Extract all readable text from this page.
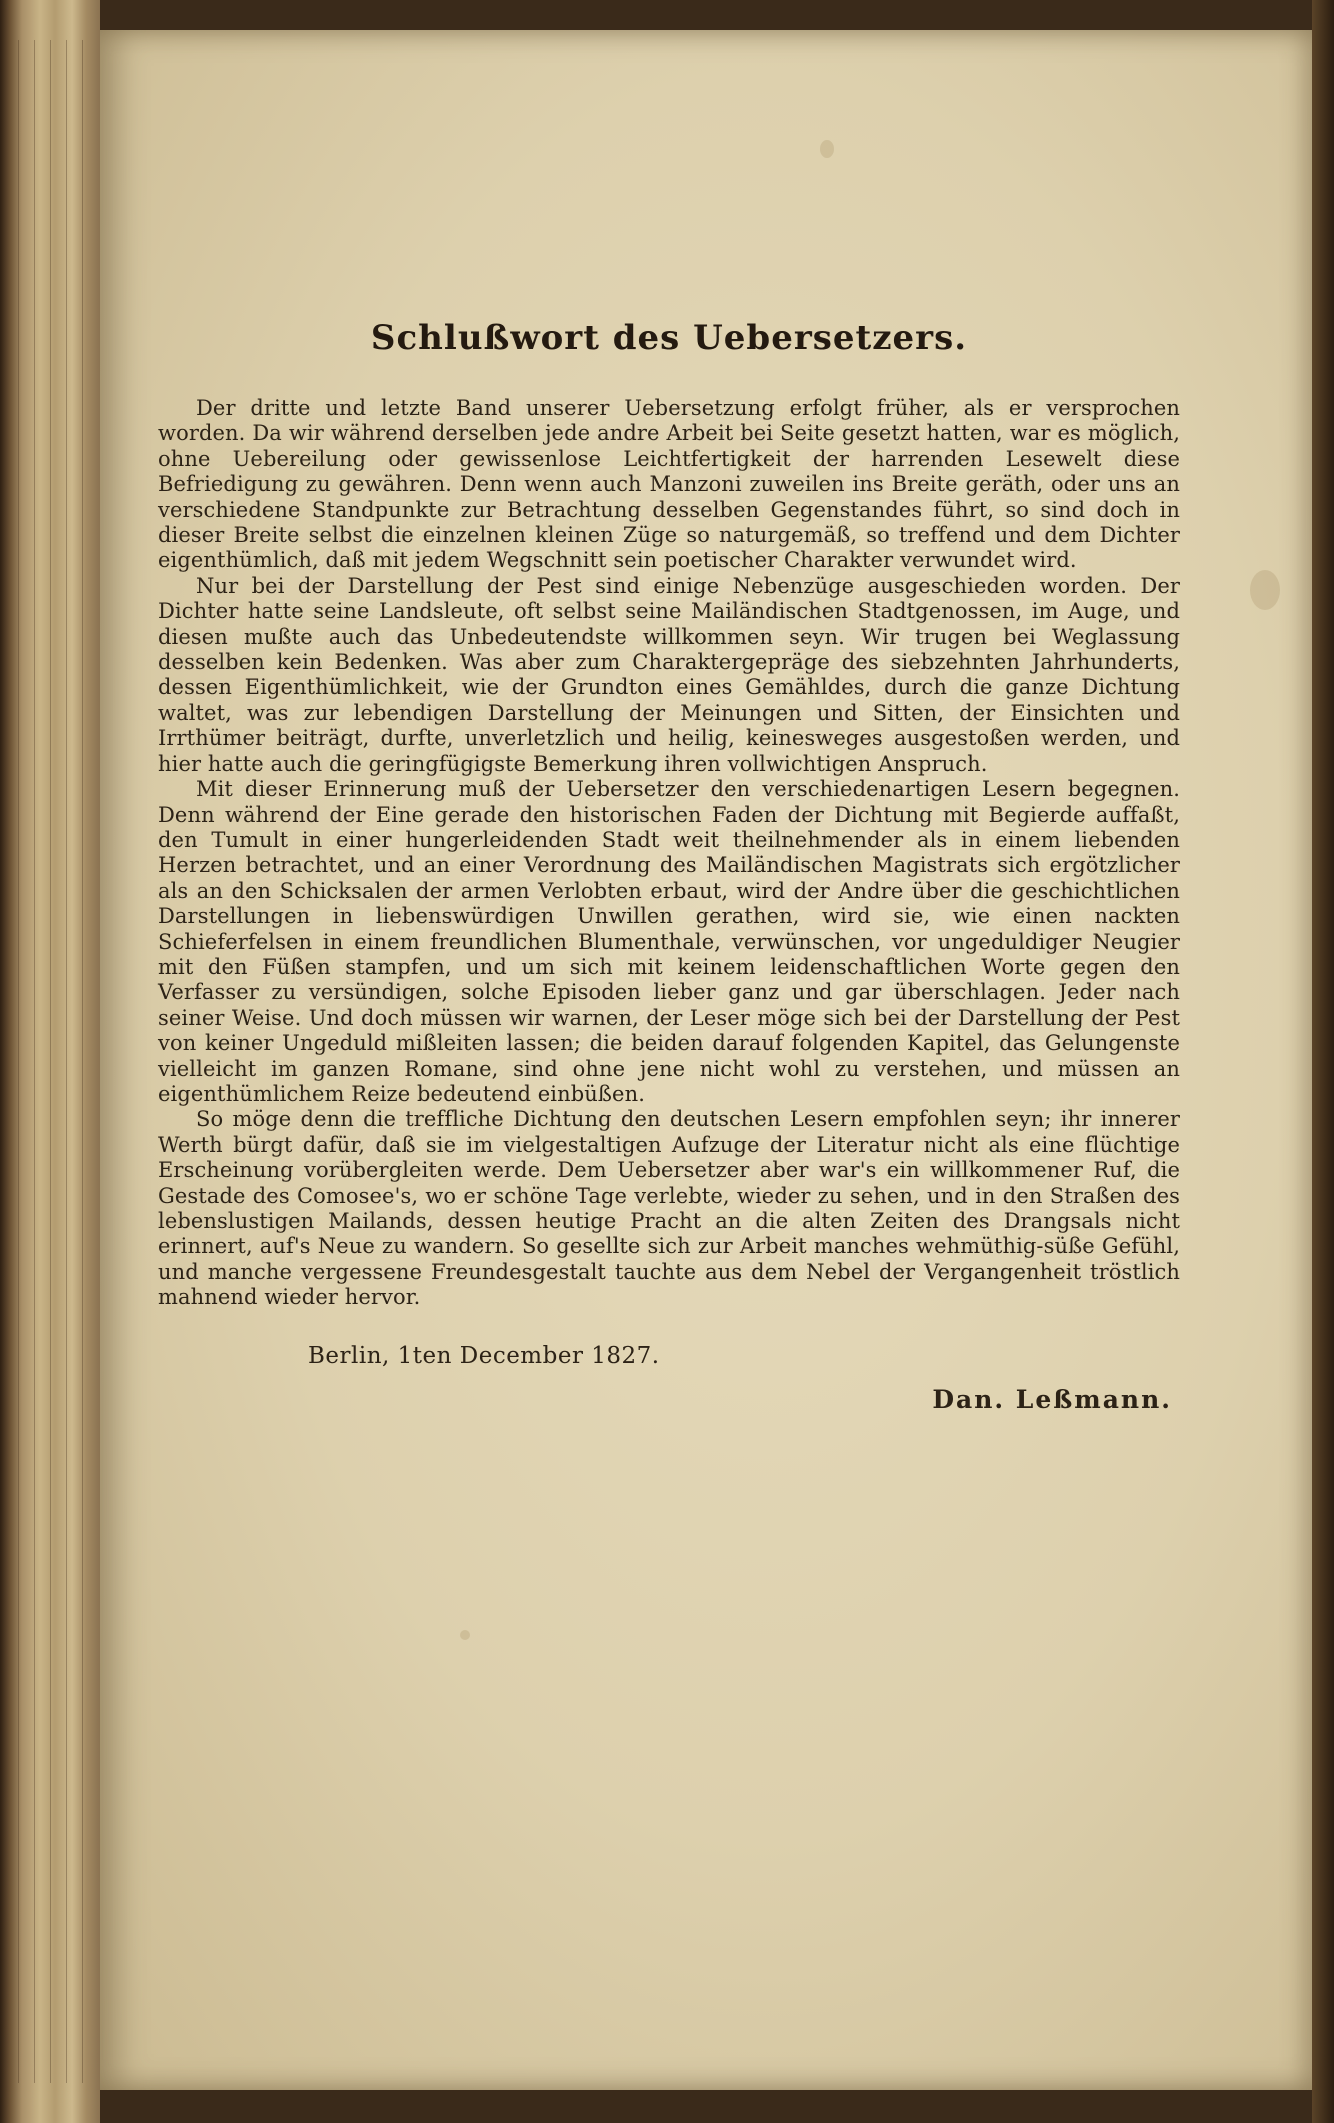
Schlußwort des Uebersetzers.

Der dritte und letzte Band unserer Uebersetzung erfolgt früher, als er versprochen worden. Da wir während derselben jede andre Arbeit bei Seite gesetzt hatten, war es möglich, ohne Uebereilung oder gewissenlose Leichtfertigkeit der harrenden Lesewelt diese Befriedigung zu gewähren. Denn wenn auch Manzoni zuweilen ins Breite geräth, oder uns an verschiedene Standpunkte zur Betrachtung desselben Gegenstandes führt, so sind doch in dieser Breite selbst die einzelnen kleinen Züge so naturgemäß, so treffend und dem Dichter eigenthümlich, daß mit jedem Wegschnitt sein poetischer Charakter verwundet wird.

Nur bei der Darstellung der Pest sind einige Nebenzüge ausgeschieden worden. Der Dichter hatte seine Landsleute, oft selbst seine Mailändischen Stadtgenossen, im Auge, und diesen mußte auch das Unbedeutendste willkommen seyn. Wir trugen bei Weglassung desselben kein Bedenken. Was aber zum Charaktergepräge des siebzehnten Jahrhunderts, dessen Eigenthümlichkeit, wie der Grundton eines Gemähldes, durch die ganze Dichtung waltet, was zur lebendigen Darstellung der Meinungen und Sitten, der Einsichten und Irrthümer beiträgt, durfte, unverletzlich und heilig, keinesweges ausgestoßen werden, und hier hatte auch die geringfügigste Bemerkung ihren vollwichtigen Anspruch.

Mit dieser Erinnerung muß der Uebersetzer den verschiedenartigen Lesern begegnen. Denn während der Eine gerade den historischen Faden der Dichtung mit Begierde auffaßt, den Tumult in einer hungerleidenden Stadt weit theilnehmender als in einem liebenden Herzen betrachtet, und an einer Verordnung des Mailändischen Magistrats sich ergötzlicher als an den Schicksalen der armen Verlobten erbaut, wird der Andre über die geschichtlichen Darstellungen in liebenswürdigen Unwillen gerathen, wird sie, wie einen nackten Schieferfelsen in einem freundlichen Blumenthale, verwünschen, vor ungeduldiger Neugier mit den Füßen stampfen, und um sich mit keinem leidenschaftlichen Worte gegen den Verfasser zu versündigen, solche Episoden lieber ganz und gar überschlagen. Jeder nach seiner Weise. Und doch müssen wir warnen, der Leser möge sich bei der Darstellung der Pest von keiner Ungeduld mißleiten lassen; die beiden darauf folgenden Kapitel, das Gelungenste vielleicht im ganzen Romane, sind ohne jene nicht wohl zu verstehen, und müssen an eigenthümlichem Reize bedeutend einbüßen.

So möge denn die treffliche Dichtung den deutschen Lesern empfohlen seyn; ihr innerer Werth bürgt dafür, daß sie im vielgestaltigen Aufzuge der Literatur nicht als eine flüchtige Erscheinung vorübergleiten werde. Dem Uebersetzer aber war's ein willkommener Ruf, die Gestade des Comosee's, wo er schöne Tage verlebte, wieder zu sehen, und in den Straßen des lebenslustigen Mailands, dessen heutige Pracht an die alten Zeiten des Drangsals nicht erinnert, auf's Neue zu wandern. So gesellte sich zur Arbeit manches wehmüthig-süße Gefühl, und manche vergessene Freundesgestalt tauchte aus dem Nebel der Vergangenheit tröstlich mahnend wieder hervor.

Berlin, 1ten December 1827.

Dan. Leßmann.
